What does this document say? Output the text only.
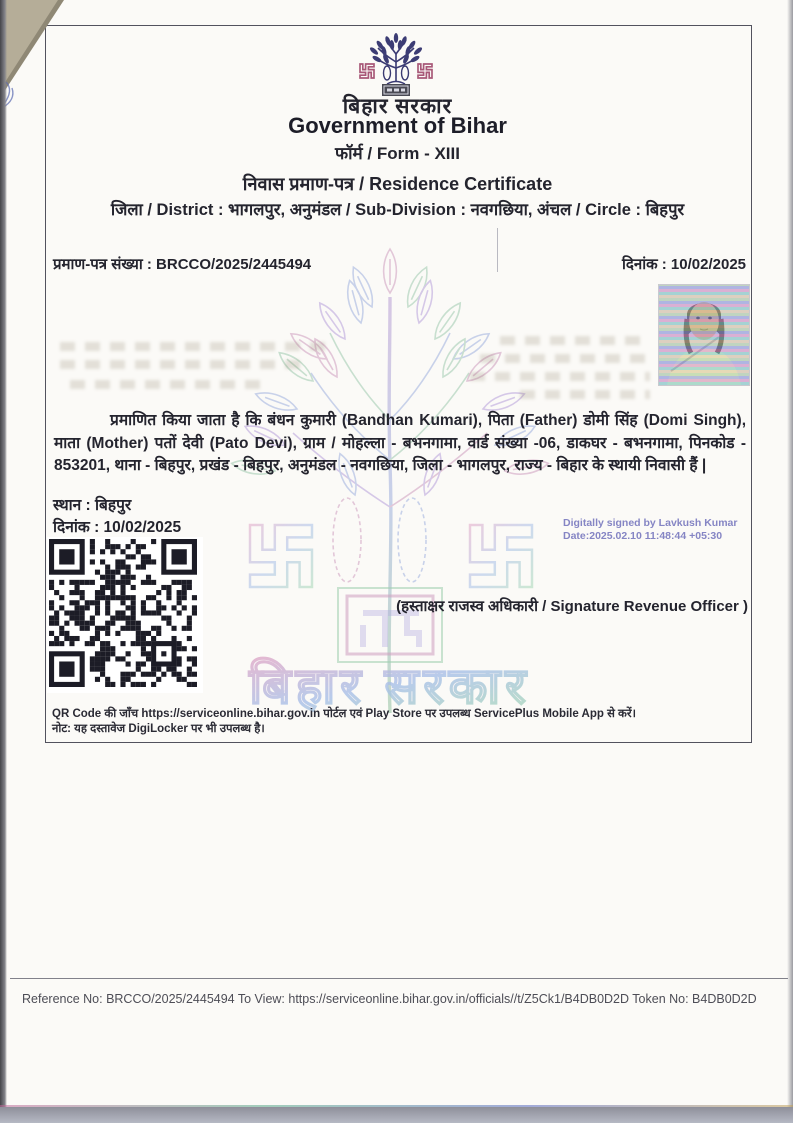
बिहार सरकार
बिहार सरकार
Government of Bihar
फॉर्म / Form - XIII
निवास प्रमाण-पत्र / Residence Certificate
जिला / District : भागलपुर, अनुमंडल / Sub-Division : नवगछिया, अंचल / Circle : बिहपुर
प्रमाण-पत्र संख्या : BRCCO/2025/2445494	दिनांक : 10/02/2025
प्रमाणित किया जाता है कि बंधन कुमारी (Bandhan Kumari), पिता (Father) डोमी सिंह (Domi Singh), माता (Mother) पतों देवी (Pato Devi), ग्राम / मोहल्ला - बभनगामा, वार्ड संख्या -06, डाकघर - बभनगामा, पिनकोड - 853201, थाना - बिहपुर, प्रखंड - बिहपुर, अनुमंडल - नवगछिया, जिला - भागलपुर, राज्य - बिहार के स्थायी निवासी हैं |
स्थान : बिहपुर
दिनांक : 10/02/2025	Digitally signed by Lavkush Kumar
Date:2025.02.10 11:48:44 +05:30
(हस्ताक्षर राजस्व अधिकारी / Signature Revenue Officer )
QR Code की जाँच https://serviceonline.bihar.gov.in पोर्टल एवं Play Store पर उपलब्ध ServicePlus Mobile App से करें।
नोट: यह दस्तावेज DigiLocker पर भी उपलब्ध है।
Reference No: BRCCO/2025/2445494 To View: https://serviceonline.bihar.gov.in/officials//t/Z5Ck1/B4DB0D2D Token No: B4DB0D2D
